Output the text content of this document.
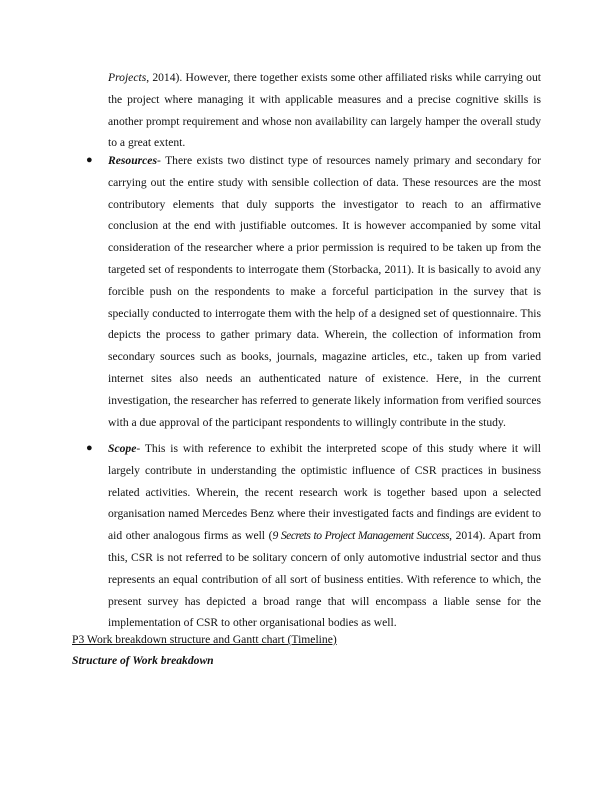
Projects, 2014). However, there together exists some other affiliated risks while carrying out the project where managing it with applicable measures and a precise cognitive skills is another prompt requirement and whose non availability can largely hamper the overall study to a great extent.

● Resources- There exists two distinct type of resources namely primary and secondary for carrying out the entire study with sensible collection of data. These resources are the most contributory elements that duly supports the investigator to reach to an affirmative conclusion at the end with justifiable outcomes. It is however accompanied by some vital consideration of the researcher where a prior permission is required to be taken up from the targeted set of respondents to interrogate them (Storbacka, 2011). It is basically to avoid any forcible push on the respondents to make a forceful participation in the survey that is specially conducted to interrogate them with the help of a designed set of questionnaire. This depicts the process to gather primary data. Wherein, the collection of information from secondary sources such as books, journals, magazine articles, etc., taken up from varied internet sites also needs an authenticated nature of existence. Here, in the current investigation, the researcher has referred to generate likely information from verified sources with a due approval of the participant respondents to willingly contribute in the study.

● Scope- This is with reference to exhibit the interpreted scope of this study where it will largely contribute in understanding the optimistic influence of CSR practices in business related activities. Wherein, the recent research work is together based upon a selected organisation named Mercedes Benz where their investigated facts and findings are evident to aid other analogous firms as well (9 Secrets to Project Management Success, 2014). Apart from this, CSR is not referred to be solitary concern of only automotive industrial sector and thus represents an equal contribution of all sort of business entities. With reference to which, the present survey has depicted a broad range that will encompass a liable sense for the implementation of CSR to other organisational bodies as well.

P3 Work breakdown structure and Gantt chart (Timeline)
Structure of Work breakdown
